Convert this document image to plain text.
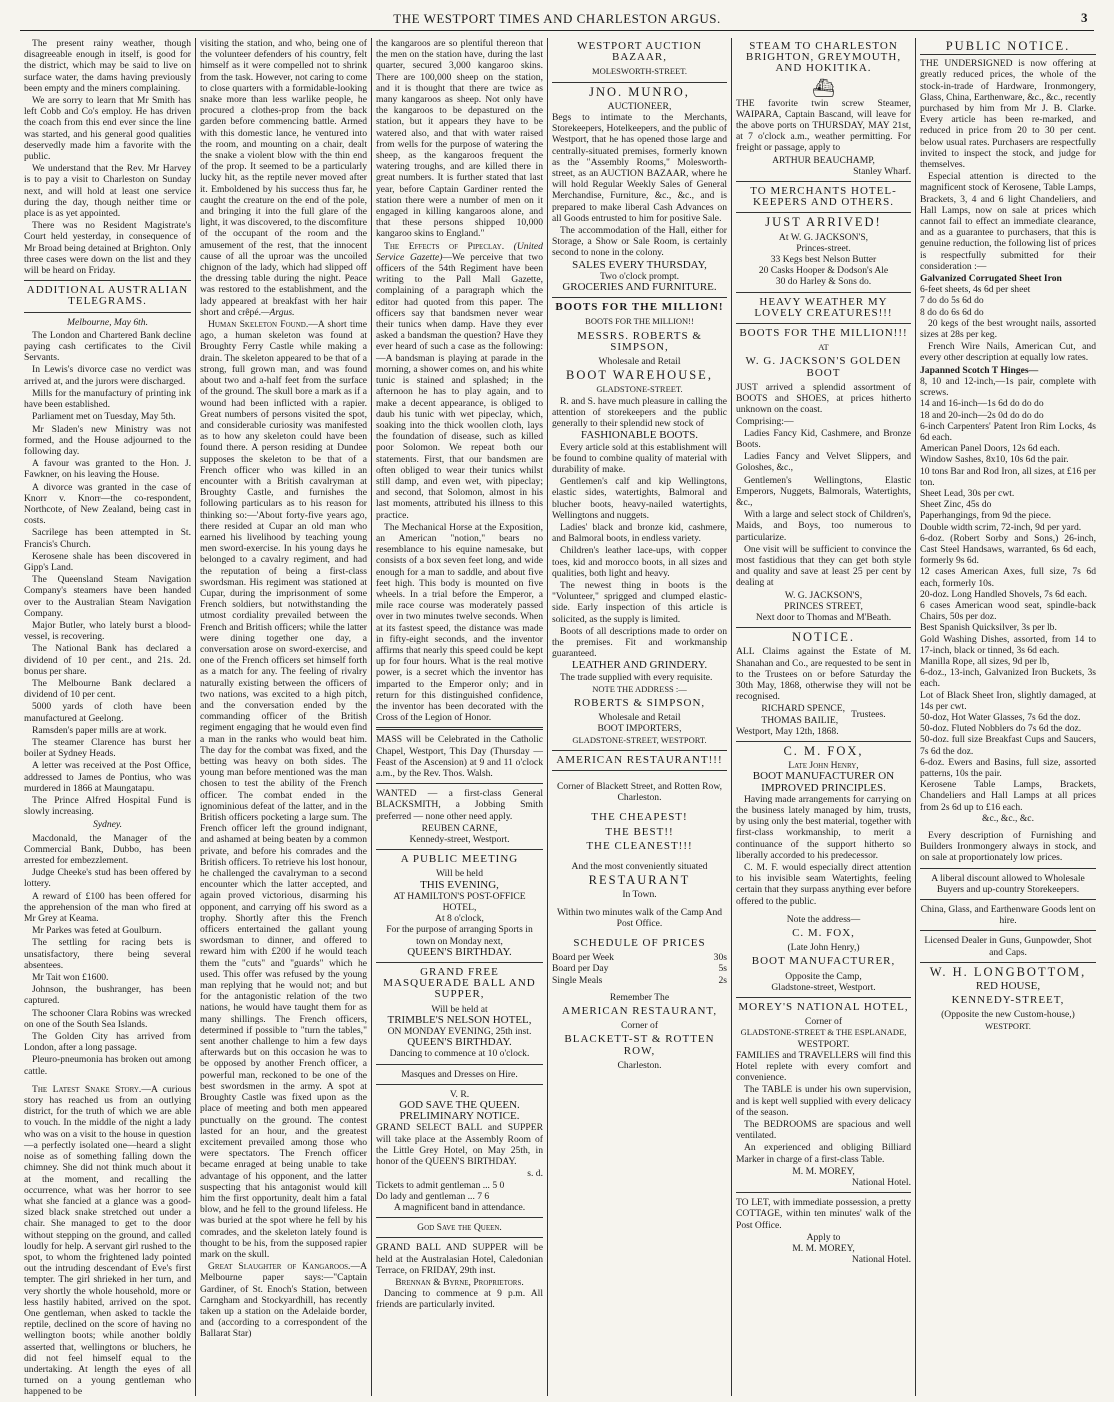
THE WESTPORT TIMES AND CHARLESTON ARGUS.	3

The present rainy weather, though disagreeable enough in itself, is good for the district, which may be said to live on surface water, the dams having previously been empty and the miners complaining.

We are sorry to learn that Mr Smith has left Cobb and Co's employ. He has driven the coach from this end ever since the line was started, and his general good qualities deservedly made him a favorite with the public.

We understand that the Rev. Mr Harvey is to pay a visit to Charleston on Sunday next, and will hold at least one service during the day, though neither time or place is as yet appointed.

There was no Resident Magistrate's Court held yesterday, in consequence of Mr Broad being detained at Brighton. Only three cases were down on the list and they will be heard on Friday.

ADDITIONAL AUSTRALIAN TELEGRAMS.
Melbourne, May 6th.

The London and Chartered Bank decline paying cash certificates to the Civil Servants.

In Lewis's divorce case no verdict was arrived at, and the jurors were discharged.

Mills for the manufactury of printing ink have been established.

Parliament met on Tuesday, May 5th.

Mr Sladen's new Ministry was not formed, and the House adjourned to the following day.

A favour was granted to the Hon. J. Fawkner, on his leaving the House.

A divorce was granted in the case of Knorr v. Knorr—the co-respondent, Northcote, of New Zealand, being cast in costs.

Sacrilege has been attempted in St. Francis's Church.

Kerosene shale has been discovered in Gipp's Land.

The Queensland Steam Navigation Company's steamers have been handed over to the Australian Steam Navigation Company.

Major Butler, who lately burst a blood-vessel, is recovering.

The National Bank has declared a dividend of 10 per cent., and 21s. 2d. bonus per share.

The Melbourne Bank declared a dividend of 10 per cent.

5000 yards of cloth have been manufactured at Geelong.

Ramsden's paper mills are at work.

The steamer Clarence has burst her boiler at Sydney Heads.

A letter was received at the Post Office, addressed to James de Pontius, who was murdered in 1866 at Maungatapu.

The Prince Alfred Hospital Fund is slowly increasing.

Sydney.

Macdonald, the Manager of the Commercial Bank, Dubbo, has been arrested for embezzlement.

Judge Cheeke's stud has been offered by lottery.

A reward of £100 has been offered for the apprehension of the man who fired at Mr Grey at Keama.

Mr Parkes was feted at Goulburn.

The settling for racing bets is unsatisfactory, there being several absentees.

Mr Tait won £1600.

Johnson, the bushranger, has been captured.

The schooner Clara Robins was wrecked on one of the South Sea Islands.

The Golden City has arrived from London, after a long passage.

Pleuro-pneumonia has broken out among cattle.

The Latest Snake Story.—A curious story has reached us from an outlying district, for the truth of which we are able to vouch. In the middle of the night a lady who was on a visit to the house in question—a perfectly isolated one—heard a slight noise as of something falling down the chimney. She did not think much about it at the moment, and recalling the occurrence, what was her horror to see what she fancied at a glance was a good-sized black snake stretched out under a chair. She managed to get to the door without stepping on the ground, and called loudly for help. A servant girl rushed to the spot, to whom the frightened lady pointed out the intruding descendant of Eve's first tempter. The girl shrieked in her turn, and very shortly the whole household, more or less hastily habited, arrived on the spot. One gentleman, when asked to tackle the reptile, declined on the score of having no wellington boots; while another boldly asserted that, wellingtons or bluchers, he did not feel himself equal to the undertaking. At length the eyes of all turned on a young gentleman who happened to be

visiting the station, and who, being one of the volunteer defenders of his country, felt himself as it were compelled not to shrink from the task. However, not caring to come to close quarters with a formidable-looking snake more than less warlike people, he procured a clothes-prop from the back garden before commencing battle. Armed with this domestic lance, he ventured into the room, and mounting on a chair, dealt the snake a violent blow with the thin end of the prop. It seemed to be a particularly lucky hit, as the reptile never moved after it. Emboldened by his success thus far, he caught the creature on the end of the pole, and bringing it into the full glare of the light, it was discovered, to the discomfiture of the occupant of the room and the amusement of the rest, that the innocent cause of all the uproar was the uncoiled chignon of the lady, which had slipped off the dressing table during the night. Peace was restored to the establishment, and the lady appeared at breakfast with her hair short and crêpé.—Argus.

Human Skeleton Found.—A short time ago, a human skeleton was found at Broughty Ferry Castle while making a drain. The skeleton appeared to be that of a strong, full grown man, and was found about two and a-half feet from the surface of the ground. The skull bore a mark as if a wound had been inflicted with a rapier. Great numbers of persons visited the spot, and considerable curiosity was manifested as to how any skeleton could have been found there. A person residing at Dundee supposes the skeleton to be that of a French officer who was killed in an encounter with a British cavalryman at Broughty Castle, and furnishes the following particulars as to his reason for thinking so:—'About forty-five years ago, there resided at Cupar an old man who earned his livelihood by teaching young men sword-exercise. In his young days he belonged to a cavalry regiment, and had the reputation of being a first-class swordsman. His regiment was stationed at Cupar, during the imprisonment of some French soldiers, but notwithstanding the utmost cordiality prevailed between the French and British officers; while the latter were dining together one day, a conversation arose on sword-exercise, and one of the French officers set himself forth as a match for any. The feeling of rivalry naturally existing between the officers of two nations, was excited to a high pitch, and the conversation ended by the commanding officer of the British regiment engaging that he would even find a man in the ranks who would beat him. The day for the combat was fixed, and the betting was heavy on both sides. The young man before mentioned was the man chosen to test the ability of the French officer. The combat ended in the ignominious defeat of the latter, and in the British officers pocketing a large sum. The French officer left the ground indignant, and ashamed at being beaten by a common private, and before his comrades and the British officers. To retrieve his lost honour, he challenged the cavalryman to a second encounter which the latter accepted, and again proved victorious, disarming his opponent, and carrying off his sword as a trophy. Shortly after this the French officers entertained the gallant young swordsman to dinner, and offered to reward him with £200 if he would teach them the "cuts" and "guards" which he used. This offer was refused by the young man replying that he would not; and but for the antagonistic relation of the two nations, he would have taught them for as many shillings. The French officers, determined if possible to "turn the tables," sent another challenge to him a few days afterwards but on this occasion he was to be opposed by another French officer, a powerful man, reckoned to be one of the best swordsmen in the army. A spot at Broughty Castle was fixed upon as the place of meeting and both men appeared punctually on the ground. The contest lasted for an hour, and the greatest excitement prevailed among those who were spectators. The French officer became enraged at being unable to take advantage of his opponent, and the latter suspecting that his antagonist would kill him the first opportunity, dealt him a fatal blow, and he fell to the ground lifeless. He was buried at the spot where he fell by his comrades, and the skeleton lately found is thought to be his, from the supposed rapier mark on the skull.

Great Slaughter of Kangaroos.—A Melbourne paper says:—"Captain Gardiner, of St. Enoch's Station, between Carngham and Stockyardhill, has recently taken up a station on the Adelaide border, and (according to a correspondent of the Ballarat Star)

the kangaroos are so plentiful thereon that the men on the station have, during the last quarter, secured 3,000 kangaroo skins. There are 100,000 sheep on the station, and it is thought that there are twice as many kangaroos as sheep. Not only have the kangaroos to be depastured on the station, but it appears they have to be watered also, and that with water raised from wells for the purpose of watering the sheep, as the kangaroos frequent the watering troughs, and are killed there in great numbers. It is further stated that last year, before Captain Gardiner rented the station there were a number of men on it engaged in killing kangaroos alone, and that these persons shipped 10,000 kangaroo skins to England."

The Effects of Pipeclay. (United Service Gazette)—We perceive that two officers of the 54th Regiment have been writing to the Pall Mall Gazette, complaining of a paragraph which the editor had quoted from this paper. The officers say that bandsmen never wear their tunics when damp. Have they ever asked a bandsman the question? Have they ever heard of such a case as the following:—A bandsman is playing at parade in the morning, a shower comes on, and his white tunic is stained and splashed; in the afternoon he has to play again, and to make a decent appearance, is obliged to daub his tunic with wet pipeclay, which, soaking into the thick woollen cloth, lays the foundation of disease, such as killed poor Solomon. We repeat both our statements. First, that our bandsmen are often obliged to wear their tunics whilst still damp, and even wet, with pipeclay; and second, that Solomon, almost in his last moments, attributed his illness to this practice.

The Mechanical Horse at the Exposition, an American "notion," bears no resemblance to his equine namesake, but consists of a box seven feet long, and wide enough for a man to saddle, and about five feet high. This body is mounted on five wheels. In a trial before the Emperor, a mile race course was moderately passed over in two minutes twelve seconds. When at its fastest speed, the distance was made in fifty-eight seconds, and the inventor affirms that nearly this speed could be kept up for four hours. What is the real motive power, is a secret which the inventor has imparted to the Emperor only; and in return for this distinguished confidence, the inventor has been decorated with the Cross of the Legion of Honor.

MASS will be Celebrated in the Catholic Chapel, Westport, This Day (Thursday — Feast of the Ascension) at 9 and 11 o'clock a.m., by the Rev. Thos. Walsh.

WANTED — a first-class General BLACKSMITH, a Jobbing Smith preferred — none other need apply.

REUBEN CARNE,
Kennedy-street, Westport.
A PUBLIC MEETING
Will be held
THIS EVENING,
AT HAMILTON'S POST-OFFICE HOTEL,
At 8 o'clock,
For the purpose of arranging Sports in town on Monday next,
QUEEN'S BIRTHDAY.
GRAND FREE MASQUERADE BALL AND SUPPER,
Will be held at
TRIMBLE'S NELSON HOTEL,
ON MONDAY EVENING, 25th inst.
QUEEN'S BIRTHDAY.
Dancing to commence at 10 o'clock.
Masques and Dresses on Hire.
V. R.
GOD SAVE THE QUEEN.
PRELIMINARY NOTICE.

GRAND SELECT BALL and SUPPER will take place at the Assembly Room of the Little Grey Hotel, on May 25th, in honor of the QUEEN'S BIRTHDAY.

s. d.
Tickets to admit gentleman ... 5 0
Do lady and gentleman ... 7 6
A magnificent band in attendance.
God Save the Queen.

GRAND BALL AND SUPPER will be held at the Australasian Hotel, Caledonian Terrace, on FRIDAY, 29th inst.

Brennan & Byrne, Proprietors.

Dancing to commence at 9 p.m. All friends are particularly invited.

WESTPORT AUCTION BAZAAR,
MOLESWORTH-STREET.
JNO. MUNRO,
AUCTIONEER,

Begs to intimate to the Merchants, Storekeepers, Hotelkeepers, and the public of Westport, that he has opened those large and centrally-situated premises, formerly known as the "Assembly Rooms," Molesworth-street, as an AUCTION BAZAAR, where he will hold Regular Weekly Sales of General Merchandise, Furniture, &c., &c., and is prepared to make liberal Cash Advances on all Goods entrusted to him for positive Sale.

The accommodation of the Hall, either for Storage, a Show or Sale Room, is certainly second to none in the colony.

SALES EVERY THURSDAY,
Two o'clock prompt.
GROCERIES AND FURNITURE.
BOOTS FOR THE MILLION!
BOOTS FOR THE MILLION!!
MESSRS. ROBERTS & SIMPSON,
Wholesale and Retail
BOOT WAREHOUSE,
GLADSTONE-STREET.

R. and S. have much pleasure in calling the attention of storekeepers and the public generally to their splendid new stock of

FASHIONABLE BOOTS.

Every article sold at this establishment will be found to combine quality of material with durability of make.

Gentlemen's calf and kip Wellingtons, elastic sides, watertights, Balmoral and blucher boots, heavy-nailed watertights, Wellingtons and nuggets.

Ladies' black and bronze kid, cashmere, and Balmoral boots, in endless variety.

Children's leather lace-ups, with copper toes, kid and morocco boots, in all sizes and qualities, both light and heavy.

The newest thing in boots is the "Volunteer," sprigged and clumped elastic-side. Early inspection of this article is solicited, as the supply is limited.

Boots of all descriptions made to order on the premises. Fit and workmanship guaranteed.

LEATHER AND GRINDERY.

The trade supplied with every requisite.

NOTE THE ADDRESS :—
ROBERTS & SIMPSON,
Wholesale and Retail
BOOT IMPORTERS,
GLADSTONE-STREET, WESTPORT.
AMERICAN RESTAURANT!!!
Corner of Blackett Street, and Rotten Row, Charleston.
THE CHEAPEST!
THE BEST!!
THE CLEANEST!!!
And the most conveniently situated
RESTAURANT
In Town.
Within two minutes walk of the Camp And Post Office.
SCHEDULE OF PRICES
Board per Week	30s
Board per Day	5s
Single Meals	2s
Remember The
AMERICAN RESTAURANT,
Corner of
BLACKETT-ST & ROTTEN ROW,
Charleston.
STEAM TO CHARLESTON BRIGHTON, GREYMOUTH, AND HOKITIKA.
⛴

THE favorite twin screw Steamer, WAIPARA, Captain Bascand, will leave for the above ports on THURSDAY, MAY 21st, at 7 o'clock a.m., weather permitting. For freight or passage, apply to

ARTHUR BEAUCHAMP,
Stanley Wharf.
TO MERCHANTS HOTEL-KEEPERS AND OTHERS.
JUST ARRIVED!
At W. G. JACKSON'S,
Princes-street.
33 Kegs best Nelson Butter
20 Casks Hooper & Dodson's Ale
30 do Harley & Sons do.
HEAVY WEATHER MY LOVELY CREATURES!!!
BOOTS FOR THE MILLION!!!
AT
W. G. JACKSON'S GOLDEN BOOT

JUST arrived a splendid assortment of BOOTS and SHOES, at prices hitherto unknown on the coast.

Comprising:—

Ladies Fancy Kid, Cashmere, and Bronze Boots.

Ladies Fancy and Velvet Slippers, and Goloshes, &c.,

Gentlemen's Wellingtons, Elastic Emperors, Nuggets, Balmorals, Watertights, &c.,

With a large and select stock of Children's, Maids, and Boys, too numerous to particularize.

One visit will be sufficient to convince the most fastidious that they can get both style and quality and save at least 25 per cent by dealing at

W. G. JACKSON'S,
PRINCES STREET,
Next door to Thomas and M'Beath.
NOTICE.

ALL Claims against the Estate of M. Shanahan and Co., are requested to be sent in to the Trustees on or before Saturday the 30th May, 1868, otherwise they will not be recognised.

RICHARD SPENCE,
THOMAS BAILIE,
Trustees.
Westport, May 12th, 1868.
C. M. FOX,
Late John Henry,
BOOT MANUFACTURER ON
IMPROVED PRINCIPLES.

Having made arrangements for carrying on the business lately managed by him, trusts, by using only the best material, together with first-class workmanship, to merit a continuance of the support hitherto so liberally accorded to his predecessor.

C. M. F. would especially direct attention to his invisible seam Watertights, feeling certain that they surpass anything ever before offered to the public.

Note the address—
C. M. FOX,
(Late John Henry,)
BOOT MANUFACTURER,
Opposite the Camp,
Gladstone-street, Westport.
MOREY'S NATIONAL HOTEL,
Corner of
GLADSTONE-STREET & THE ESPLANADE,
WESTPORT.

FAMILIES and TRAVELLERS will find this Hotel replete with every comfort and convenience.

The TABLE is under his own supervision, and is kept well supplied with every delicacy of the season.

The BEDROOMS are spacious and well ventilated.

An experienced and obliging Billiard Marker in charge of a first-class Table.

M. M. MOREY,
National Hotel.

TO LET, with immediate possession, a pretty COTTAGE, within ten minutes' walk of the Post Office.

Apply to
M. M. MOREY,
National Hotel.
PUBLIC NOTICE.

THE UNDERSIGNED is now offering at greatly reduced prices, the whole of the stock-in-trade of Hardware, Ironmongery, Glass, China, Earthenware, &c., &c., recently purchased by him from Mr J. B. Clarke. Every article has been re-marked, and reduced in price from 20 to 30 per cent. below usual rates. Purchasers are respectfully invited to inspect the stock, and judge for themselves.

Especial attention is directed to the magnificent stock of Kerosene, Table Lamps, Brackets, 3, 4 and 6 light Chandeliers, and Hall Lamps, now on sale at prices which cannot fail to effect an immediate clearance, and as a guarantee to purchasers, that this is genuine reduction, the following list of prices is respectfully submitted for their consideration :—

Galvanized Corrugated Sheet Iron
6-feet sheets, 4s 6d per sheet
7 do do 5s 6d do
8 do do 6s 6d do

20 kegs of the best wrought nails, assorted sizes at 28s per keg.

French Wire Nails, American Cut, and every other description at equally low rates.

Japanned Scotch T Hinges—
8, 10 and 12-inch,—1s pair, complete with screws.
14 and 16-inch—1s 6d do do do
18 and 20-inch—2s 0d do do do
6-inch Carpenters' Patent Iron Rim Locks, 4s 6d each.
American Panel Doors, 12s 6d each.
Window Sashes, 8x10, 10s 6d the pair.
10 tons Bar and Rod Iron, all sizes, at £16 per ton.
Sheet Lead, 30s per cwt.
Sheet Zinc, 45s do
Paperhangings, from 9d the piece.
Double width scrim, 72-inch, 9d per yard.
6-doz. (Robert Sorby and Sons,) 26-inch, Cast Steel Handsaws, warranted, 6s 6d each, formerly 9s 6d.
12 cases American Axes, full size, 7s 6d each, formerly 10s.
20-doz. Long Handled Shovels, 7s 6d each.
6 cases American wood seat, spindle-back Chairs, 50s per doz.
Best Spanish Quicksilver, 3s per lb.
Gold Washing Dishes, assorted, from 14 to 17-inch, black or tinned, 3s 6d each.
Manilla Rope, all sizes, 9d per lb,
6-doz., 13-inch, Galvanized Iron Buckets, 3s each.
Lot of Black Sheet Iron, slightly damaged, at 14s per cwt.
50-doz, Hot Water Glasses, 7s 6d the doz.
50-doz. Fluted Nobblers do 7s 6d the doz.
50-doz. full size Breakfast Cups and Saucers, 7s 6d the doz.
6-doz. Ewers and Basins, full size, assorted patterns, 10s the pair.
Kerosene Table Lamps, Brackets, Chandeliers and Hall Lamps at all prices from 2s 6d up to £16 each.
&c., &c., &c.

Every description of Furnishing and Builders Ironmongery always in stock, and on sale at proportionately low prices.

A liberal discount allowed to Wholesale Buyers and up-country Storekeepers.

China, Glass, and Earthenware Goods lent on hire.

Licensed Dealer in Guns, Gunpowder, Shot and Caps.

W. H. LONGBOTTOM,
RED HOUSE,
KENNEDY-STREET,
(Opposite the new Custom-house,)
WESTPORT.
